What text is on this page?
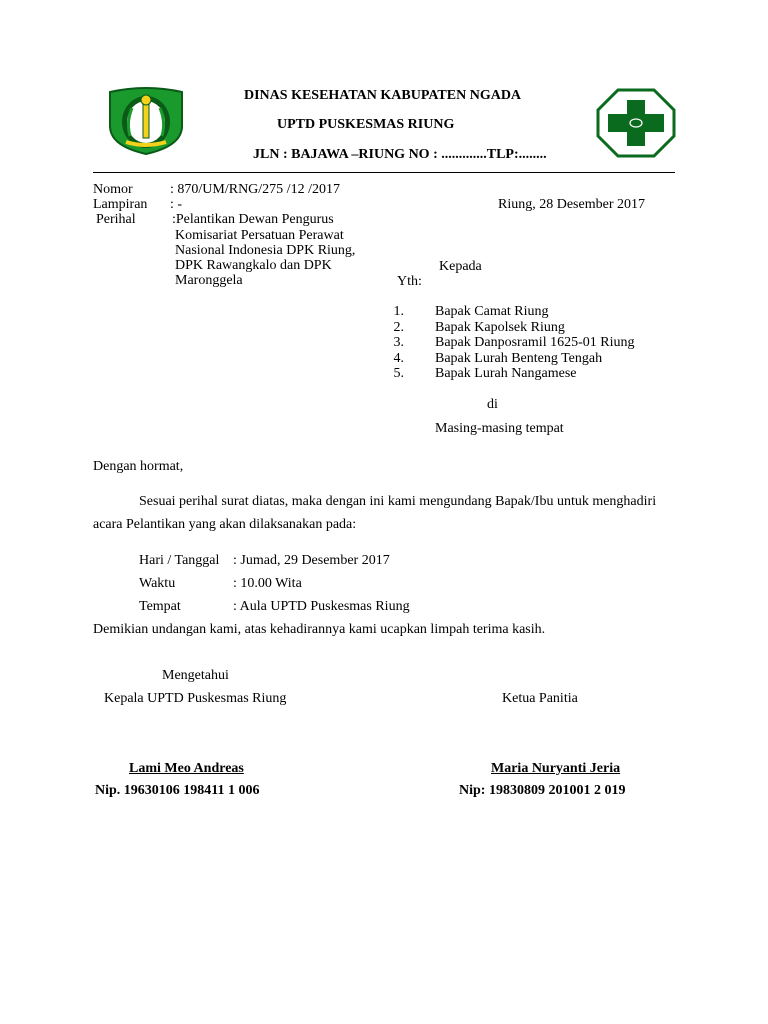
DINAS KESEHATAN KABUPATEN NGADA
UPTD PUSKESMAS RIUNG
JLN : BAJAWA –RIUNG NO : .............TLP:........
Nomor	: 870/UM/RNG/275 /12 /2017
Lampiran : -	Riung, 28 Desember 2017
Perihal	:Pelantikan Dewan Pengurus
Komisariat Persatuan Perawat
Nasional Indonesia DPK Riung,
DPK Rawangkalo dan DPK
Maronggela
Kepada
Yth:
1. Bapak Camat Riung
2. Bapak Kapolsek Riung
3. Bapak Danposramil 1625-01 Riung
4. Bapak Lurah Benteng Tengah
5. Bapak Lurah Nangamese
di
Masing-masing tempat
Dengan hormat,
Sesuai perihal surat diatas, maka dengan ini kami mengundang Bapak/Ibu untuk menghadiri
acara Pelantikan yang akan dilaksanakan pada:
Hari / Tanggal : Jumad, 29 Desember 2017
Waktu	: 10.00 Wita
Tempat	: Aula UPTD Puskesmas Riung
Demikian undangan kami, atas kehadirannya kami ucapkan limpah terima kasih.
Mengetahui
Kepala UPTD Puskesmas Riung	Ketua Panitia
Lami Meo Andreas	Maria Nuryanti Jeria
Nip. 19630106 198411 1 006	Nip: 19830809 201001 2 019
